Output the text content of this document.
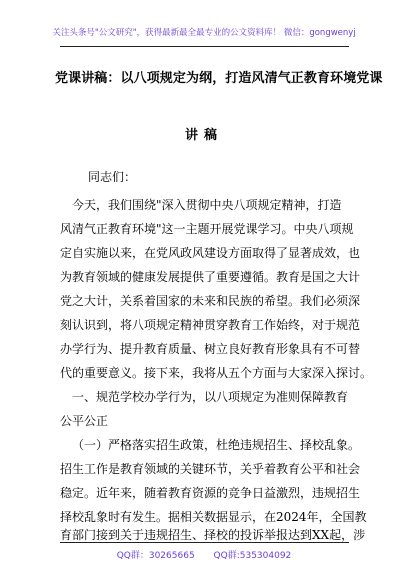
关注头条号"公文研究"，获得最新最全最专业的公文资料库！ 微信：gongwenyj
党课讲稿：以八项规定为纲，打造风清气正教育环境党课
讲稿
同志们：
今天，我们围绕"深入贯彻中央八项规定精神，打造
风清气正教育环境"这一主题开展党课学习。中央八项规
定自实施以来，在党风政风建设方面取得了显著成效，也
为教育领域的健康发展提供了重要遵循。教育是国之大计
党之大计，关系着国家的未来和民族的希望。我们必须深
刻认识到，将八项规定精神贯穿教育工作始终，对于规范
办学行为、提升教育质量、树立良好教育形象具有不可替
代的重要意义。接下来，我将从五个方面与大家深入探讨。
一、规范学校办学行为，以八项规定为准则保障教育
公平公正
（一）严格落实招生政策，杜绝违规招生、择校乱象。
招生工作是教育领域的关键环节，关乎着教育公平和社会
稳定。近年来，随着教育资源的竞争日益激烈，违规招生
择校乱象时有发生。据相关数据显示，在2024年，全国教
育部门接到关于违规招生、择校的投诉举报达到XX起，涉
QQ群：30265665 QQ群:535304092
